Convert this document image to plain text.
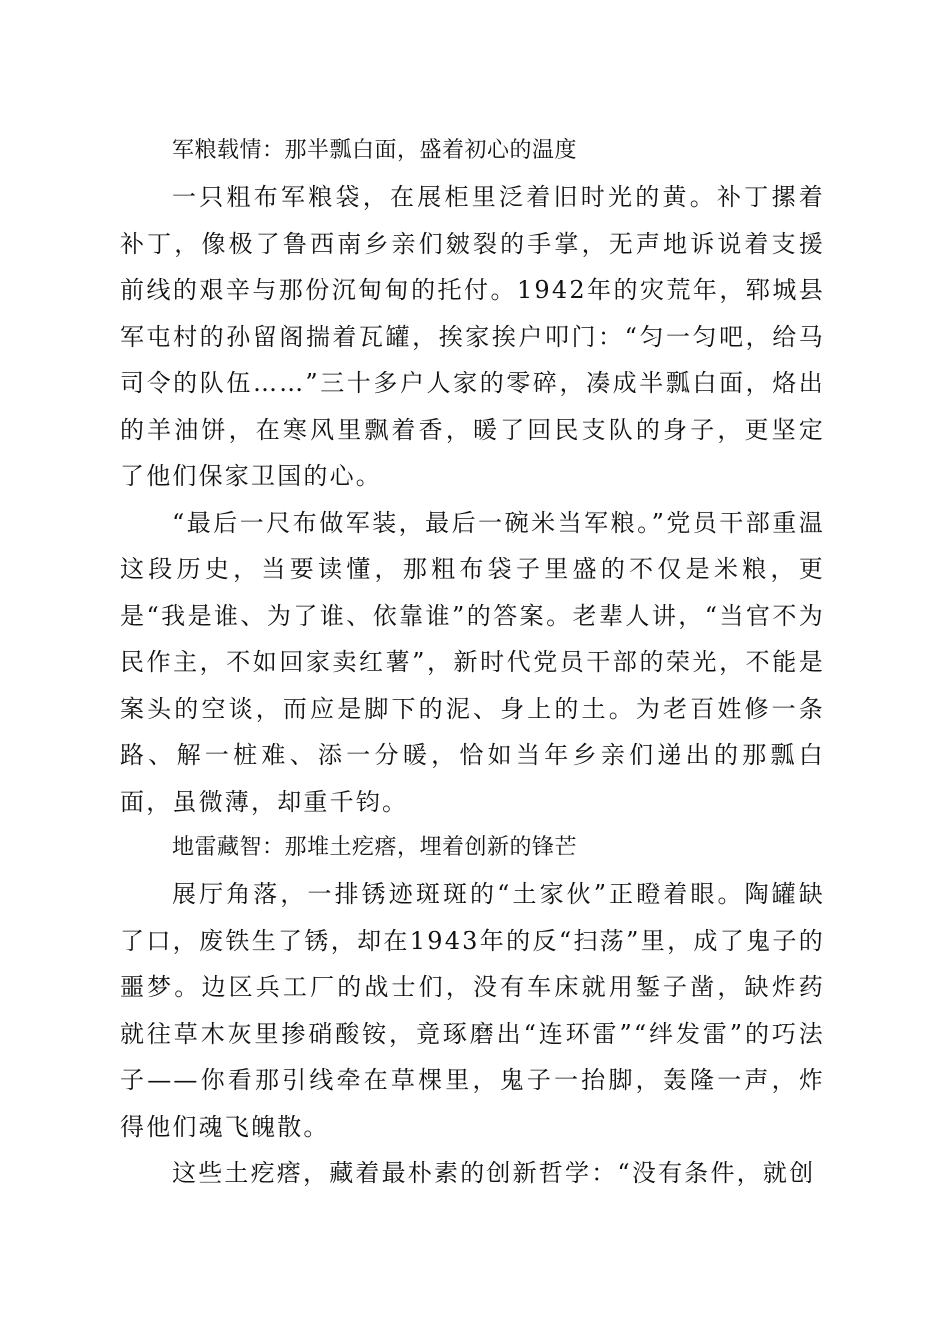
军粮载情：那半瓢白面，盛着初心的温度

一只粗布军粮袋，在展柜里泛着旧时光的黄。补丁摞着补丁，像极了鲁西南乡亲们皴裂的手掌，无声地诉说着支援前线的艰辛与那份沉甸甸的托付。1942年的灾荒年，郓城县军屯村的孙留阁揣着瓦罐，挨家挨户叩门：“匀一匀吧，给马司令的队伍……”三十多户人家的零碎，凑成半瓢白面，烙出的羊油饼，在寒风里飘着香，暖了回民支队的身子，更坚定了他们保家卫国的心。

“最后一尺布做军装，最后一碗米当军粮。”党员干部重温这段历史，当要读懂，那粗布袋子里盛的不仅是米粮，更是“我是谁、为了谁、依靠谁”的答案。老辈人讲，“当官不为民作主，不如回家卖红薯”，新时代党员干部的荣光，不能是案头的空谈，而应是脚下的泥、身上的土。为老百姓修一条路、解一桩难、添一分暖，恰如当年乡亲们递出的那瓢白面，虽微薄，却重千钧。

地雷藏智：那堆土疙瘩，埋着创新的锋芒

展厅角落，一排锈迹斑斑的“土家伙”正瞪着眼。陶罐缺了口，废铁生了锈，却在1943年的反“扫荡”里，成了鬼子的噩梦。边区兵工厂的战士们，没有车床就用錾子凿，缺炸药就往草木灰里掺硝酸铵，竟琢磨出“连环雷”“绊发雷”的巧法子——你看那引线牵在草棵里，鬼子一抬脚，轰隆一声，炸得他们魂飞魄散。

这些土疙瘩，藏着最朴素的创新哲学：“没有条件，就创
